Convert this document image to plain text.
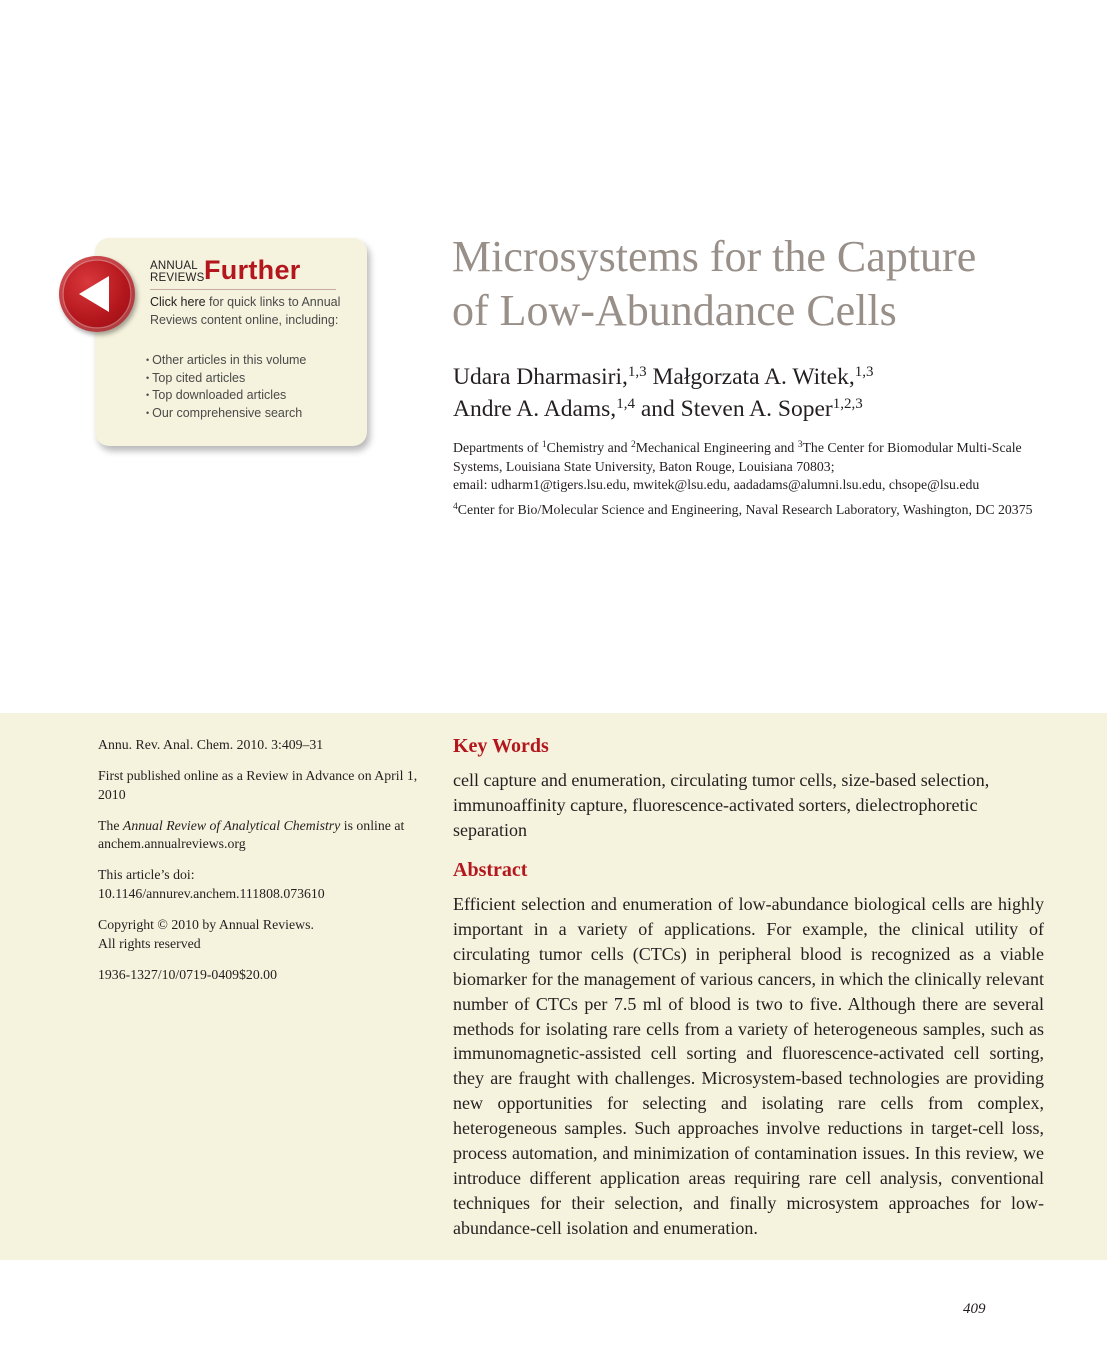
ANNUAL
REVIEWS Further
Click here for quick links to Annual Reviews content online, including:
• Other articles in this volume
• Top cited articles
• Top downloaded articles
• Our comprehensive search
Microsystems for the Capture
of Low-Abundance Cells
Udara Dharmasiri,$^{1,3}$ Małgorzata A. Witek,$^{1,3}$
Andre A. Adams,$^{1,4}$ and Steven A. Soper$^{1,2,3}$

Departments of $^1$Chemistry and $^2$Mechanical Engineering and $^3$The Center for Biomodular Multi-Scale Systems, Louisiana State University, Baton Rouge, Louisiana 70803;
email: udharm1@tigers.lsu.edu, mwitek@lsu.edu, aadadams@alumni.lsu.edu, chsope@lsu.edu

$^4$Center for Bio/Molecular Science and Engineering, Naval Research Laboratory, Washington, DC 20375

Annu. Rev. Anal. Chem. 2010. 3:409–31

First published online as a Review in Advance on April 1, 2010

The Annual Review of Analytical Chemistry is online at anchem.annualreviews.org

This article’s doi:
10.1146/annurev.anchem.111808.073610

Copyright © 2010 by Annual Reviews.
All rights reserved

1936-1327/10/0719-0409$20.00

Key Words
cell capture and enumeration, circulating tumor cells, size-based selection, immunoaffinity capture, fluorescence-activated sorters, dielectrophoretic separation
Abstract
Efficient selection and enumeration of low-abundance biological cells are highly important in a variety of applications. For example, the clinical utility of circulating tumor cells (CTCs) in peripheral blood is recognized as a viable biomarker for the management of various cancers, in which the clinically relevant number of CTCs per 7.5 ml of blood is two to five. Although there are several methods for isolating rare cells from a variety of heterogeneous samples, such as immunomagnetic-assisted cell sorting and fluorescence-activated cell sorting, they are fraught with challenges. Microsystem-based technologies are providing new opportunities for selecting and isolating rare cells from complex, heterogeneous samples. Such approaches involve reductions in target-cell loss, process automation, and minimization of contamination issues. In this review, we introduce different application areas requiring rare cell analysis, conventional techniques for their selection, and finally microsystem approaches for low-abundance-cell isolation and enumeration.
409
